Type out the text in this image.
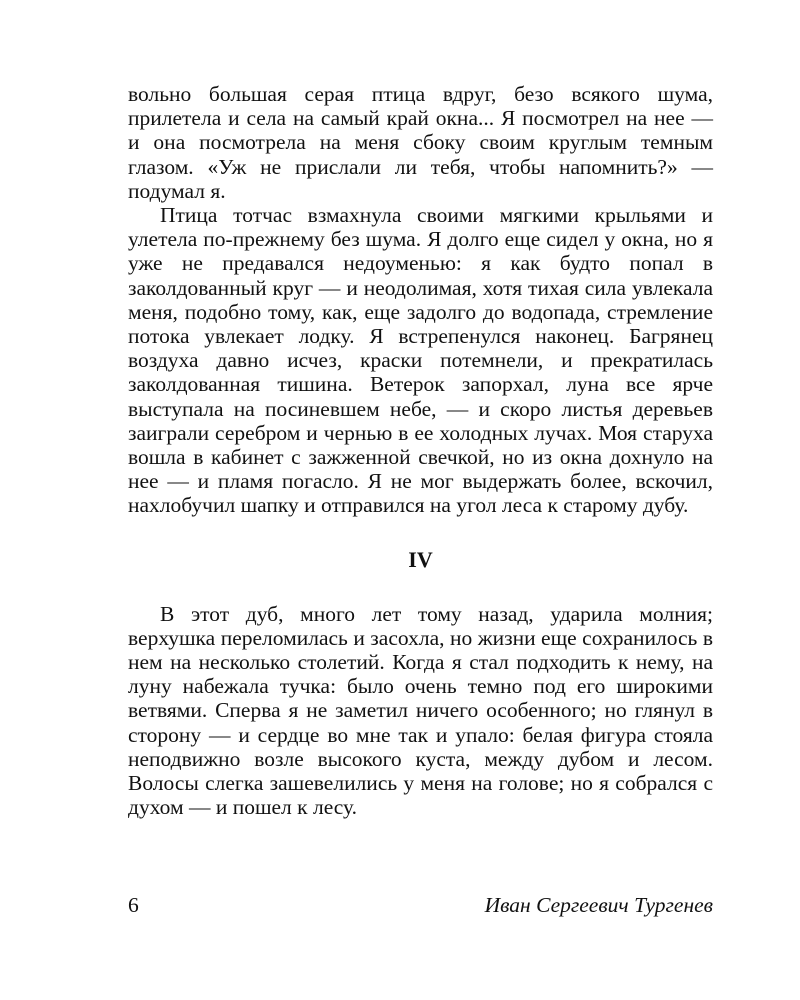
вольно большая серая птица вдруг, безо всякого шума, прилетела и села на самый край окна... Я посмотрел на нее — и она посмотрела на меня сбоку своим круглым темным глазом. «Уж не прислали ли тебя, чтобы напомнить?» — подумал я.

Птица тотчас взмахнула своими мягкими крыльями и улетела по-прежнему без шума. Я долго еще сидел у окна, но я уже не предавался недоуменью: я как будто попал в заколдованный круг — и неодолимая, хотя тихая сила увлекала меня, подобно тому, как, еще задолго до водопада, стремление потока увлекает лодку. Я встрепенулся наконец. Багрянец воздуха давно исчез, краски потемнели, и прекратилась заколдованная тишина. Ветерок запорхал, луна все ярче выступала на посиневшем небе, — и скоро листья деревьев заиграли серебром и чернью в ее холодных лучах. Моя старуха вошла в кабинет с зажженной свечкой, но из окна дохнуло на нее — и пламя погасло. Я не мог выдержать более, вскочил, нахлобучил шапку и отправился на угол леса к старому дубу.

IV

В этот дуб, много лет тому назад, ударила молния; верхушка переломилась и засохла, но жизни еще сохранилось в нем на несколько столетий. Когда я стал подходить к нему, на луну набежала тучка: было очень темно под его широкими ветвями. Сперва я не заметил ничего особенного; но глянул в сторону — и сердце во мне так и упало: белая фигура стояла неподвижно возле высокого куста, между дубом и лесом. Волосы слегка зашевелились у меня на голове; но я собрался с духом — и пошел к лесу.

6	Иван Сергеевич Тургенев
